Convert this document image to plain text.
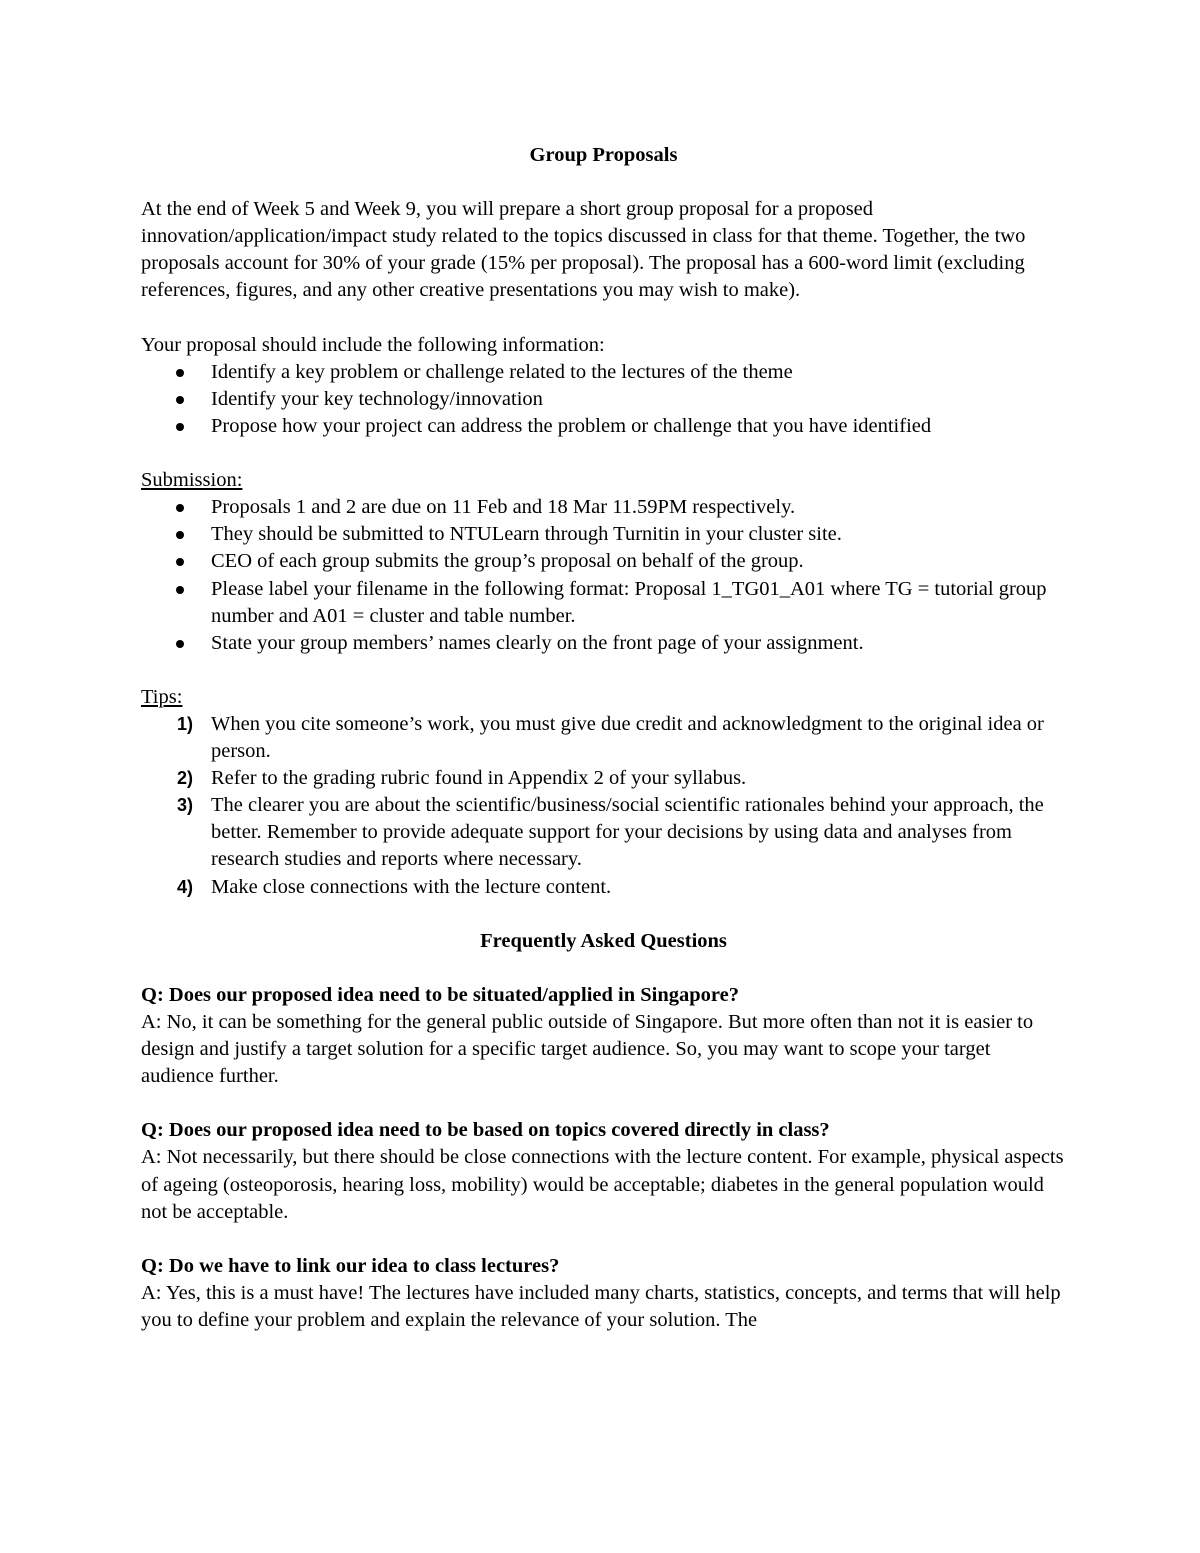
Group Proposals

At the end of Week 5 and Week 9, you will prepare a short group proposal for a proposed innovation/application/impact study related to the topics discussed in class for that theme. Together, the two proposals account for 30% of your grade (15% per proposal). The proposal has a 600-word limit (excluding references, figures, and any other creative presentations you may wish to make).

Your proposal should include the following information:

Identify a key problem or challenge related to the lectures of the theme
Identify your key technology/innovation
Propose how your project can address the problem or challenge that you have identified

Submission:

Proposals 1 and 2 are due on 11 Feb and 18 Mar 11.59PM respectively.
They should be submitted to NTULearn through Turnitin in your cluster site.
CEO of each group submits the group’s proposal on behalf of the group.
Please label your filename in the following format: Proposal 1_TG01_A01 where TG = tutorial group number and A01 = cluster and table number.
State your group members’ names clearly on the front page of your assignment.

Tips:

1) When you cite someone’s work, you must give due credit and acknowledgment to the original idea or person.
2) Refer to the grading rubric found in Appendix 2 of your syllabus.
3) The clearer you are about the scientific/business/social scientific rationales behind your approach, the better. Remember to provide adequate support for your decisions by using data and analyses from research studies and reports where necessary.
4) Make close connections with the lecture content.
Frequently Asked Questions

Q: Does our proposed idea need to be situated/applied in Singapore?

A: No, it can be something for the general public outside of Singapore. But more often than not it is easier to design and justify a target solution for a specific target audience. So, you may want to scope your target audience further.

Q: Does our proposed idea need to be based on topics covered directly in class?

A: Not necessarily, but there should be close connections with the lecture content. For example, physical aspects of ageing (osteoporosis, hearing loss, mobility) would be acceptable; diabetes in the general population would not be acceptable.

Q: Do we have to link our idea to class lectures?

A: Yes, this is a must have! The lectures have included many charts, statistics, concepts, and terms that will help you to define your problem and explain the relevance of your solution. The
